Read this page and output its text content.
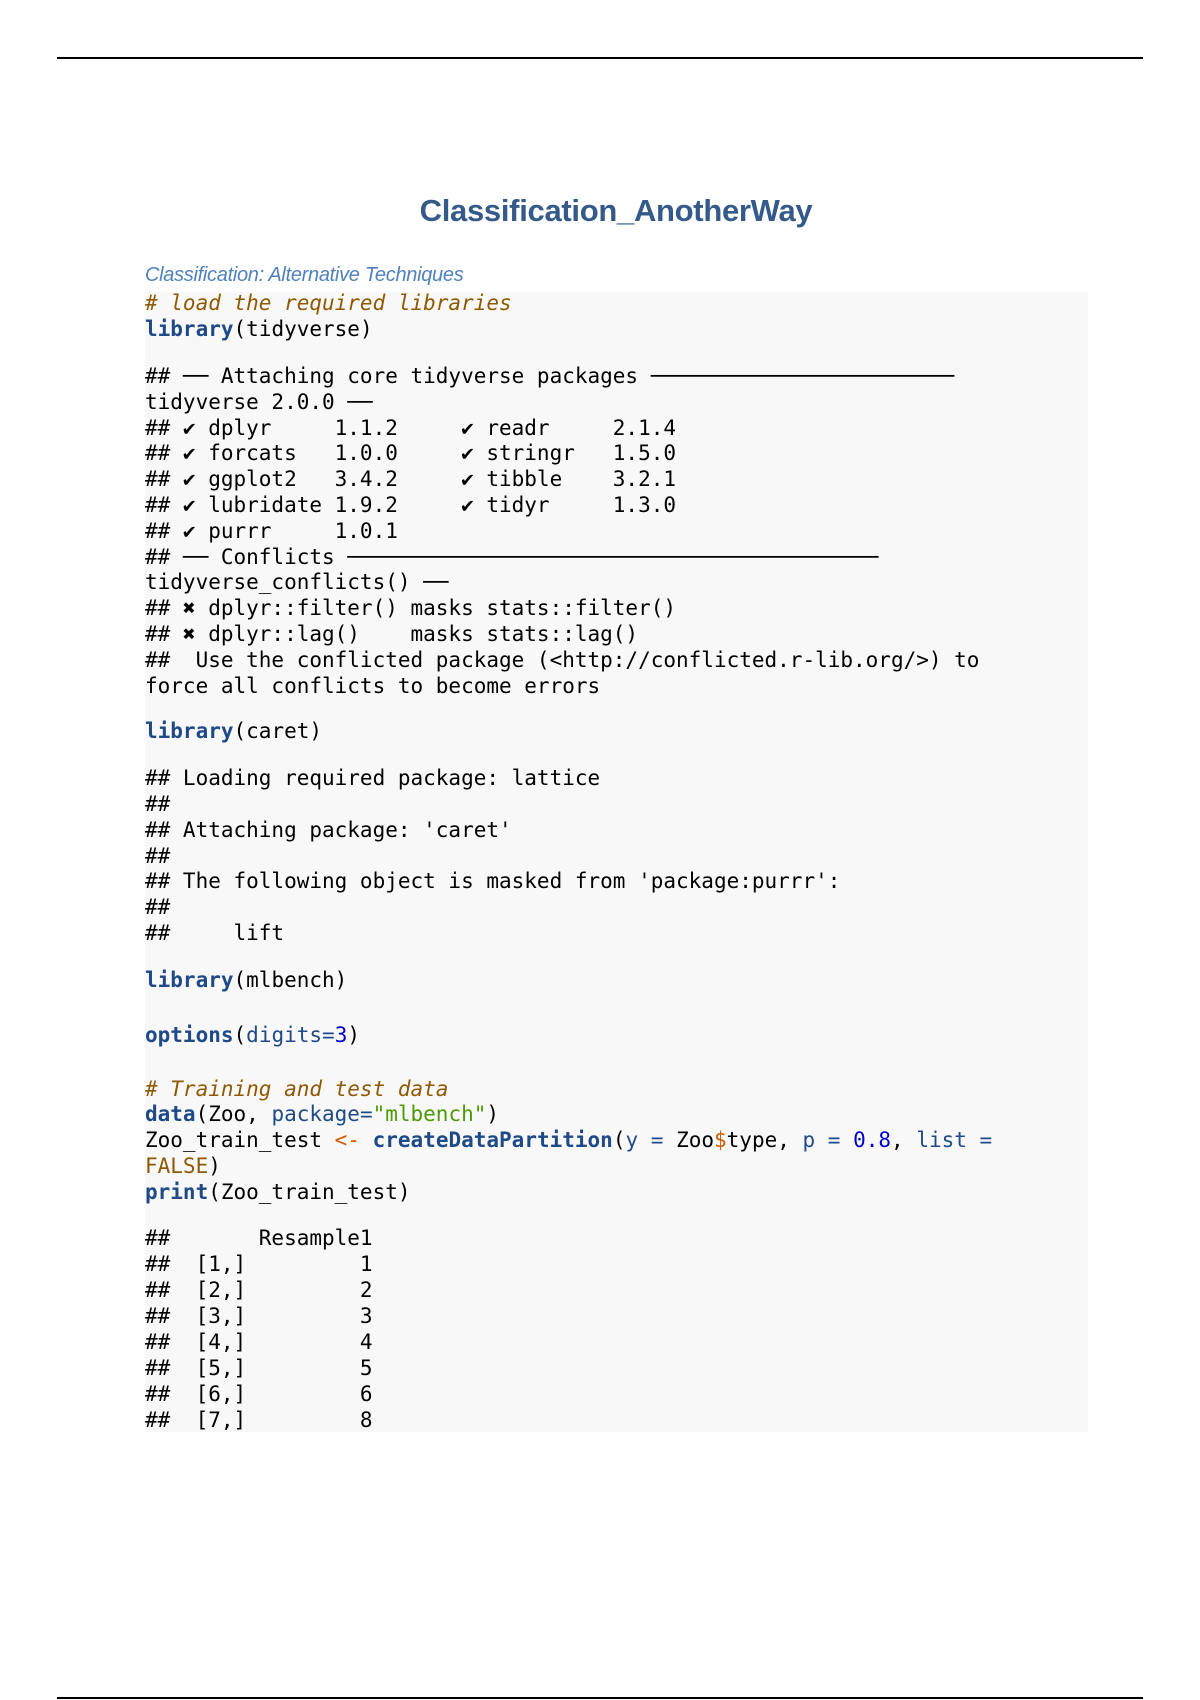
Classification_AnotherWay
Classification: Alternative Techniques
# load the required libraries
library(tidyverse)
## ── Attaching core tidyverse packages ────────────────────────
tidyverse 2.0.0 ──
## ✔ dplyr     1.1.2     ✔ readr     2.1.4
## ✔ forcats   1.0.0     ✔ stringr   1.5.0
## ✔ ggplot2   3.4.2     ✔ tibble    3.2.1
## ✔ lubridate 1.9.2     ✔ tidyr     1.3.0
## ✔ purrr     1.0.1
## ── Conflicts ──────────────────────────────────────────
tidyverse_conflicts() ──
## ✖ dplyr::filter() masks stats::filter()
## ✖ dplyr::lag()    masks stats::lag()
##  Use the conflicted package (<http://conflicted.r-lib.org/>) to
force all conflicts to become errors
library(caret)
## Loading required package: lattice
##
## Attaching package: 'caret'
##
## The following object is masked from 'package:purrr':
##
##     lift
library(mlbench)
options(digits=3)
# Training and test data
data(Zoo, package="mlbench")
Zoo_train_test <- createDataPartition(y = Zoo$type, p = 0.8, list =
FALSE)
print(Zoo_train_test)
##       Resample1
##  [1,]         1
##  [2,]         2
##  [3,]         3
##  [4,]         4
##  [5,]         5
##  [6,]         6
##  [7,]         8
